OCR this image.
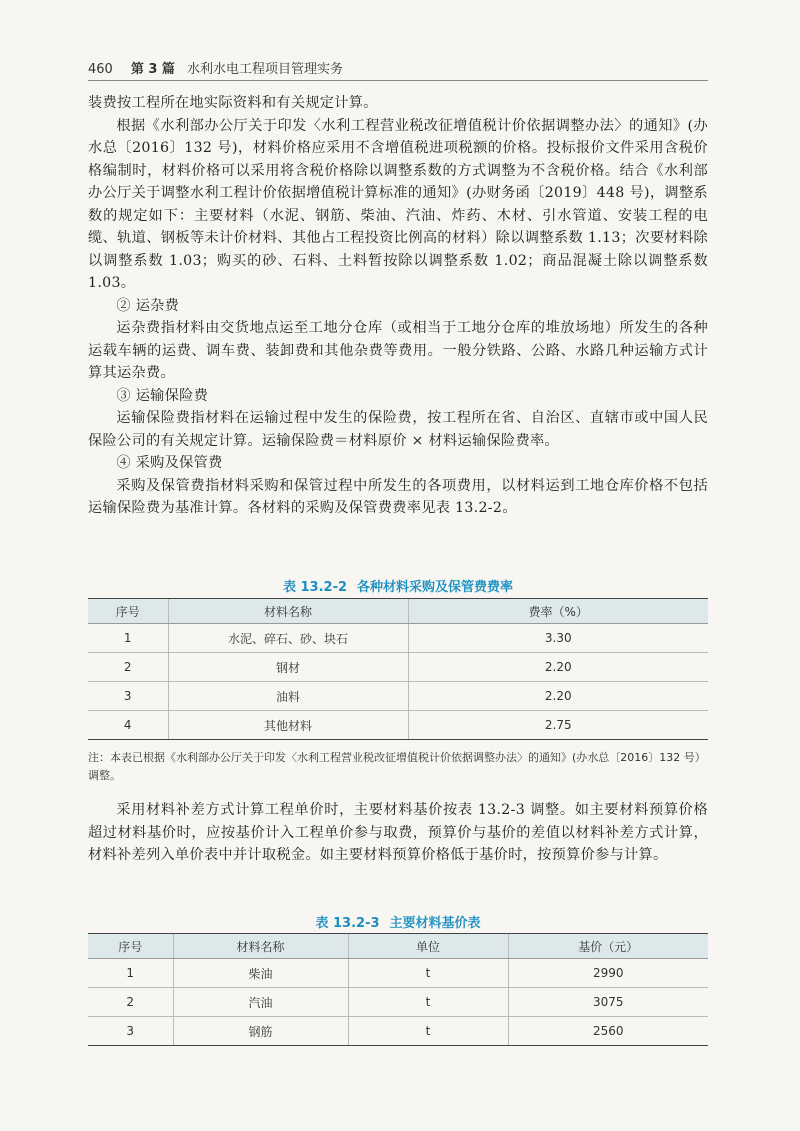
460 第 3 篇 水利水电工程项目管理实务

装费按工程所在地实际资料和有关规定计算。

根据《水利部办公厅关于印发〈水利工程营业税改征增值税计价依据调整办法〉的通知》(办水总〔2016〕132 号)，材料价格应采用不含增值税进项税额的价格。投标报价文件采用含税价格编制时，材料价格可以采用将含税价格除以调整系数的方式调整为不含税价格。结合《水利部办公厅关于调整水利工程计价依据增值税计算标准的通知》(办财务函〔2019〕448 号)，调整系数的规定如下：主要材料（水泥、钢筋、柴油、汽油、炸药、木材、引水管道、安装工程的电缆、轨道、钢板等未计价材料、其他占工程投资比例高的材料）除以调整系数 1.13；次要材料除以调整系数 1.03；购买的砂、石料、土料暂按除以调整系数 1.02；商品混凝土除以调整系数 1.03。

② 运杂费

运杂费指材料由交货地点运至工地分仓库（或相当于工地分仓库的堆放场地）所发生的各种运载车辆的运费、调车费、装卸费和其他杂费等费用。一般分铁路、公路、水路几种运输方式计算其运杂费。

③ 运输保险费

运输保险费指材料在运输过程中发生的保险费，按工程所在省、自治区、直辖市或中国人民保险公司的有关规定计算。运输保险费＝材料原价 × 材料运输保险费率。

④ 采购及保管费

采购及保管费指材料采购和保管过程中所发生的各项费用，以材料运到工地仓库价格不包括运输保险费为基准计算。各材料的采购及保管费费率见表 13.2-2。

表 13.2-2 各种材料采购及保管费费率
序号	材料名称	费率（%）
1	水泥、碎石、砂、块石	3.30
2	钢材	2.20
3	油料	2.20
4	其他材料	2.75
注：本表已根据《水利部办公厅关于印发〈水利工程营业税改征增值税计价依据调整办法〉的通知》(办水总〔2016〕132 号）调整。

采用材料补差方式计算工程单价时，主要材料基价按表 13.2-3 调整。如主要材料预算价格超过材料基价时，应按基价计入工程单价参与取费，预算价与基价的差值以材料补差方式计算，材料补差列入单价表中并计取税金。如主要材料预算价格低于基价时，按预算价参与计算。

表 13.2-3 主要材料基价表
序号	材料名称	单位	基价（元）
1	柴油	t	2990
2	汽油	t	3075
3	钢筋	t	2560
